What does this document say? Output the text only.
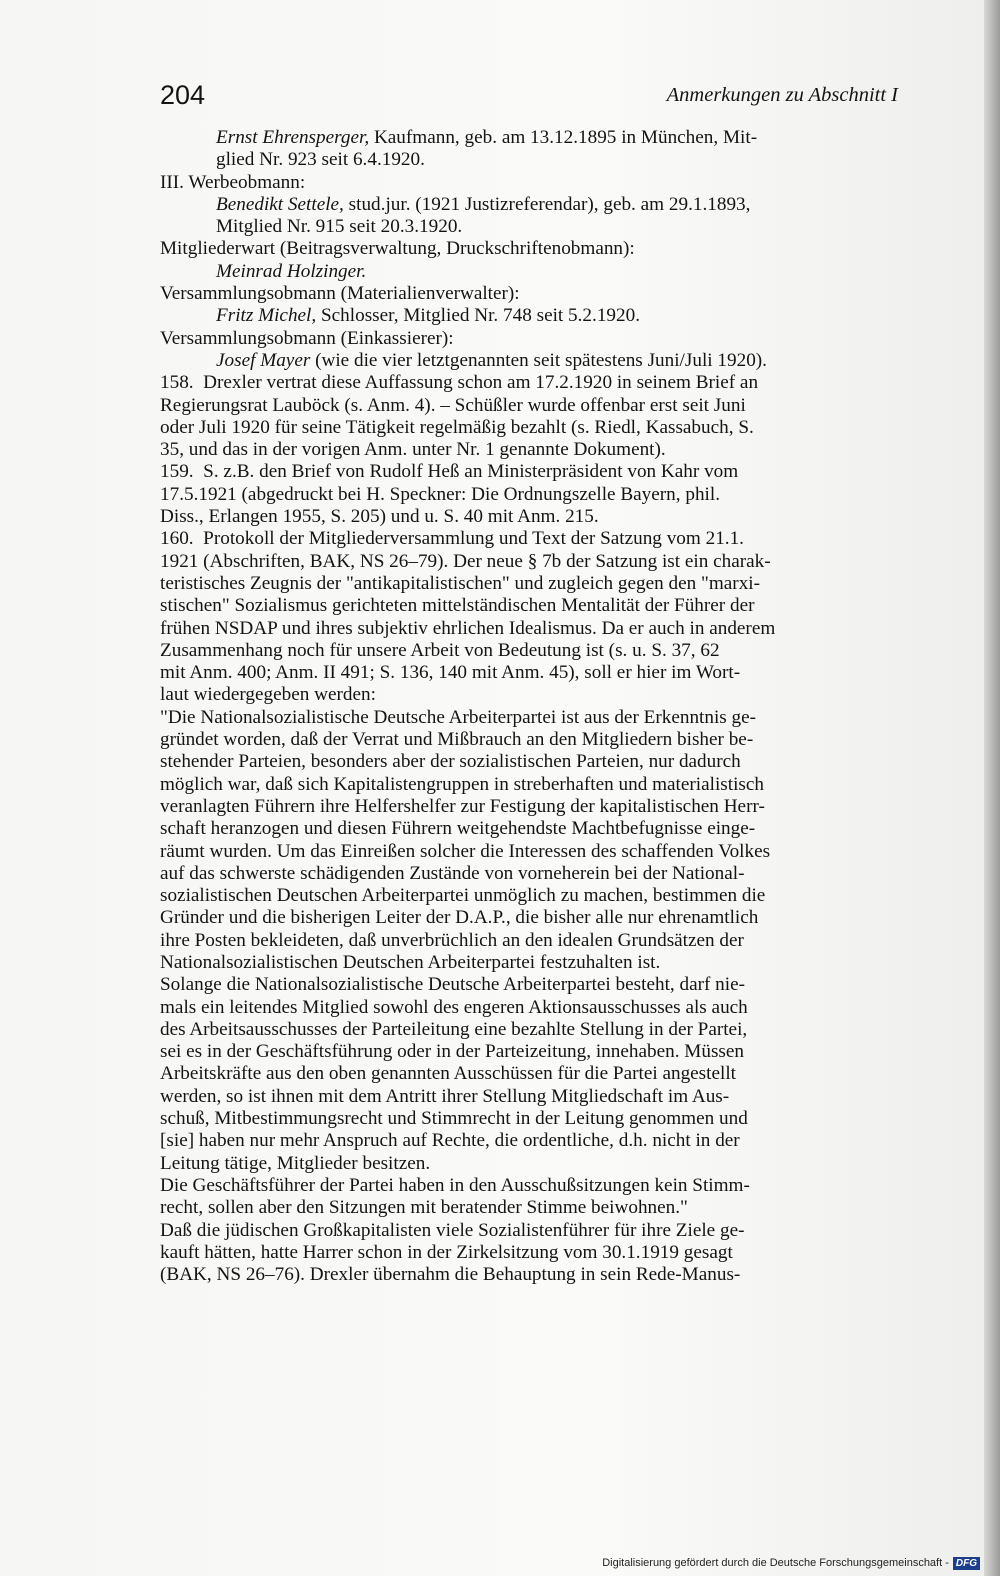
204	Anmerkungen zu Abschnitt I
Ernst Ehrensperger, Kaufmann, geb. am 13.12.1895 in München, Mit-
glied Nr. 923 seit 6.4.1920.
III. Werbeobmann:
Benedikt Settele, stud.jur. (1921 Justizreferendar), geb. am 29.1.1893,
Mitglied Nr. 915 seit 20.3.1920.
Mitgliederwart (Beitragsverwaltung, Druckschriftenobmann):
Meinrad Holzinger.
Versammlungsobmann (Materialienverwalter):
Fritz Michel, Schlosser, Mitglied Nr. 748 seit 5.2.1920.
Versammlungsobmann (Einkassierer):
Josef Mayer (wie die vier letztgenannten seit spätestens Juni/Juli 1920).
158.  Drexler vertrat diese Auffassung schon am 17.2.1920 in seinem Brief an
Regierungsrat Lauböck (s. Anm. 4). – Schüßler wurde offenbar erst seit Juni
oder Juli 1920 für seine Tätigkeit regelmäßig bezahlt (s. Riedl, Kassabuch, S.
35, und das in der vorigen Anm. unter Nr. 1 genannte Dokument).
159.  S. z.B. den Brief von Rudolf Heß an Ministerpräsident von Kahr vom
17.5.1921 (abgedruckt bei H. Speckner: Die Ordnungszelle Bayern, phil.
Diss., Erlangen 1955, S. 205) und u. S. 40 mit Anm. 215.
160.  Protokoll der Mitgliederversammlung und Text der Satzung vom 21.1.
1921 (Abschriften, BAK, NS 26–79). Der neue § 7b der Satzung ist ein charak-
teristisches Zeugnis der "antikapitalistischen" und zugleich gegen den "marxi-
stischen" Sozialismus gerichteten mittelständischen Mentalität der Führer der
frühen NSDAP und ihres subjektiv ehrlichen Idealismus. Da er auch in anderem
Zusammenhang noch für unsere Arbeit von Bedeutung ist (s. u. S. 37, 62
mit Anm. 400; Anm. II 491; S. 136, 140 mit Anm. 45), soll er hier im Wort-
laut wiedergegeben werden:
"Die Nationalsozialistische Deutsche Arbeiterpartei ist aus der Erkenntnis ge-
gründet worden, daß der Verrat und Mißbrauch an den Mitgliedern bisher be-
stehender Parteien, besonders aber der sozialistischen Parteien, nur dadurch
möglich war, daß sich Kapitalistengruppen in streberhaften und materialistisch
veranlagten Führern ihre Helfershelfer zur Festigung der kapitalistischen Herr-
schaft heranzogen und diesen Führern weitgehendste Machtbefugnisse einge-
räumt wurden. Um das Einreißen solcher die Interessen des schaffenden Volkes
auf das schwerste schädigenden Zustände von vorneherein bei der National-
sozialistischen Deutschen Arbeiterpartei unmöglich zu machen, bestimmen die
Gründer und die bisherigen Leiter der D.A.P., die bisher alle nur ehrenamtlich
ihre Posten bekleideten, daß unverbrüchlich an den idealen Grundsätzen der
Nationalsozialistischen Deutschen Arbeiterpartei festzuhalten ist.
Solange die Nationalsozialistische Deutsche Arbeiterpartei besteht, darf nie-
mals ein leitendes Mitglied sowohl des engeren Aktionsausschusses als auch
des Arbeitsausschusses der Parteileitung eine bezahlte Stellung in der Partei,
sei es in der Geschäftsführung oder in der Parteizeitung, innehaben. Müssen
Arbeitskräfte aus den oben genannten Ausschüssen für die Partei angestellt
werden, so ist ihnen mit dem Antritt ihrer Stellung Mitgliedschaft im Aus-
schuß, Mitbestimmungsrecht und Stimmrecht in der Leitung genommen und
[sie] haben nur mehr Anspruch auf Rechte, die ordentliche, d.h. nicht in der
Leitung tätige, Mitglieder besitzen.
Die Geschäftsführer der Partei haben in den Ausschußsitzungen kein Stimm-
recht, sollen aber den Sitzungen mit beratender Stimme beiwohnen."
Daß die jüdischen Großkapitalisten viele Sozialistenführer für ihre Ziele ge-
kauft hätten, hatte Harrer schon in der Zirkelsitzung vom 30.1.1919 gesagt
(BAK, NS 26–76). Drexler übernahm die Behauptung in sein Rede-Manus-
Digitalisierung gefördert durch die Deutsche Forschungsgemeinschaft - DFG
